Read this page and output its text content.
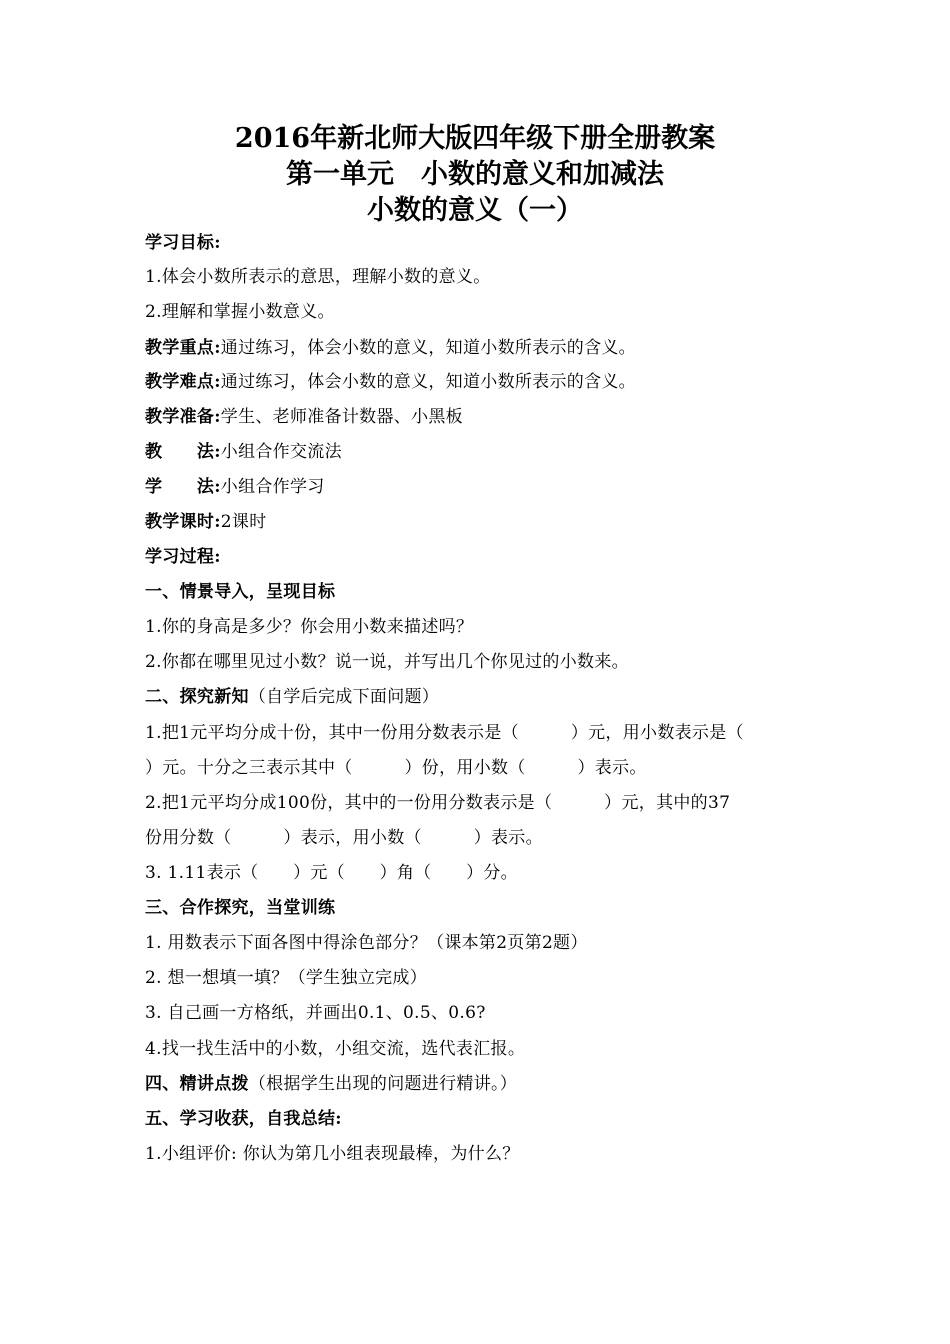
2016年新北师大版四年级下册全册教案
第一单元　小数的意义和加减法
小数的意义（一）
学习目标:
1.体会小数所表示的意思，理解小数的意义。
2.理解和掌握小数意义。
教学重点:通过练习，体会小数的意义，知道小数所表示的含义。
教学难点:通过练习，体会小数的意义，知道小数所表示的含义。
教学准备:学生、老师准备计数器、小黑板
教　　法:小组合作交流法
学　　法:小组合作学习
教学课时:2课时
学习过程:
一、情景导入，呈现目标
1.你的身高是多少？你会用小数来描述吗？
2.你都在哪里见过小数？说一说，并写出几个你见过的小数来。
二、探究新知（自学后完成下面问题）
1.把1元平均分成十份，其中一份用分数表示是（　　　）元，用小数表示是（
）元。十分之三表示其中（　　　）份，用小数（　　　）表示。
2.把1元平均分成100份，其中的一份用分数表示是（　　　）元，其中的37
份用分数（　　　）表示，用小数（　　　）表示。
3. 1.11表示（　　）元（　　）角（　　）分。
三、合作探究，当堂训练
1. 用数表示下面各图中得涂色部分？（课本第2页第2题）
2. 想一想填一填？（学生独立完成）
3. 自己画一方格纸，并画出0.1、0.5、0.6?
4.找一找生活中的小数，小组交流，选代表汇报。
四、精讲点拨（根据学生出现的问题进行精讲。）
五、学习收获，自我总结:
1.小组评价: 你认为第几小组表现最棒，为什么？
